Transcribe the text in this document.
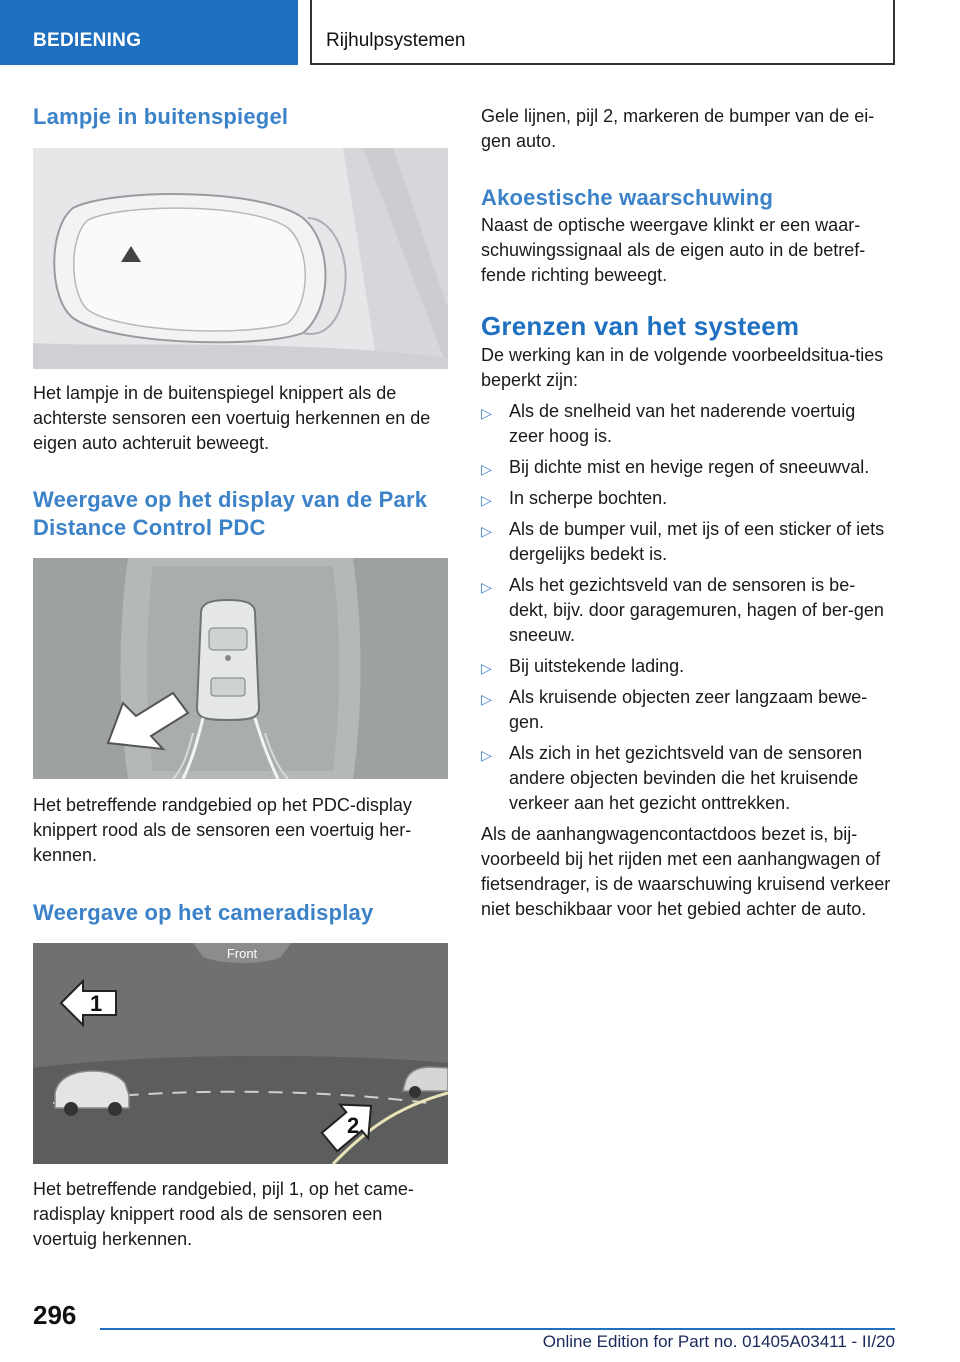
BEDIENING	Rijhulpsystemen
Lampje in buitenspiegel

Het lampje in de buitenspiegel knippert als de achterste sensoren een voertuig herkennen en de eigen auto achteruit beweegt.

Weergave op het display van de Park Distance Control PDC

Het betreffende randgebied op het PDC-display knippert rood als de sensoren een voertuig her‐kennen.

Weergave op het cameradisplay
Front
1
2

Het betreffende randgebied, pijl 1, op het came‐radisplay knippert rood als de sensoren een voertuig herkennen.

Gele lijnen, pijl 2, markeren de bumper van de ei‐gen auto.

Akoestische waarschuwing

Naast de optische weergave klinkt er een waar‐schuwingssignaal als de eigen auto in de betref‐fende richting beweegt.

Grenzen van het systeem

De werking kan in de volgende voorbeeldsitua‐ties beperkt zijn:

▷ Als de snelheid van het naderende voertuig zeer hoog is.
▷ Bij dichte mist en hevige regen of sneeuwval.
▷ In scherpe bochten.
▷ Als de bumper vuil, met ijs of een sticker of iets dergelijks bedekt is.
▷ Als het gezichtsveld van de sensoren is be‐dekt, bijv. door garagemuren, hagen of ber‐gen sneeuw.
▷ Bij uitstekende lading.
▷ Als kruisende objecten zeer langzaam bewe‐gen.
▷ Als zich in het gezichtsveld van de sensoren andere objecten bevinden die het kruisende verkeer aan het gezicht onttrekken.

Als de aanhangwagencontactdoos bezet is, bij‐voorbeeld bij het rijden met een aanhangwagen of fietsendrager, is de waarschuwing kruisend verkeer niet beschikbaar voor het gebied achter de auto.

296
Online Edition for Part no. 01405A03411 - II/20
